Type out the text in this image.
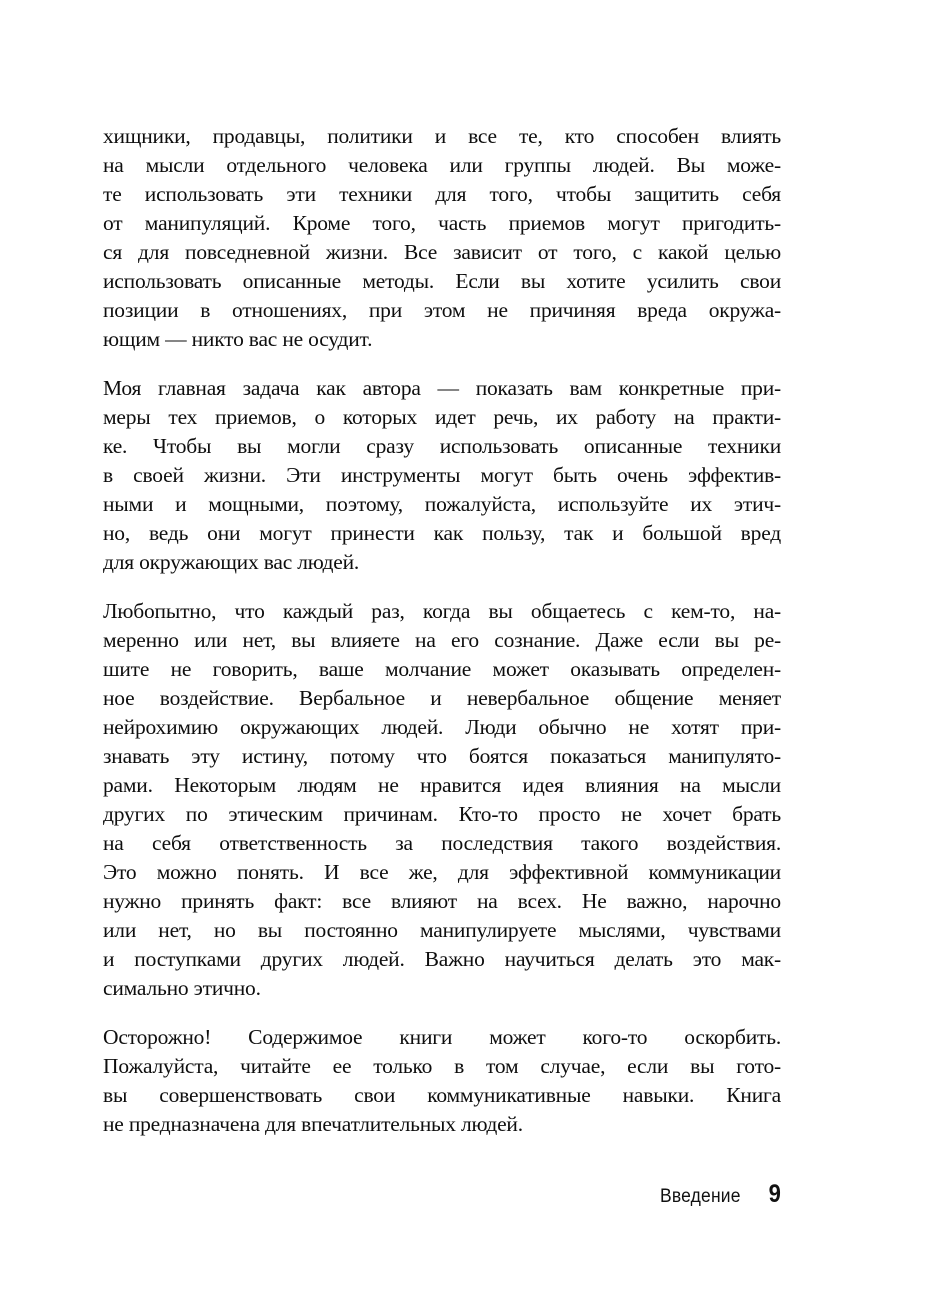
хищники, продавцы, политики и все те, кто способен влиять
на мысли отдельного человека или группы людей. Вы може-
те использовать эти техники для того, чтобы защитить себя
от манипуляций. Кроме того, часть приемов могут пригодить-
ся для повседневной жизни. Все зависит от того, с какой целью
использовать описанные методы. Если вы хотите усилить свои
позиции в отношениях, при этом не причиняя вреда окружа-
ющим — никто вас не осудит.
Моя главная задача как автора — показать вам конкретные при-
меры тех приемов, о которых идет речь, их работу на практи-
ке. Чтобы вы могли сразу использовать описанные техники
в своей жизни. Эти инструменты могут быть очень эффектив-
ными и мощными, поэтому, пожалуйста, используйте их этич-
но, ведь они могут принести как пользу, так и большой вред
для окружающих вас людей.
Любопытно, что каждый раз, когда вы общаетесь с кем-то, на-
меренно или нет, вы влияете на его сознание. Даже если вы ре-
шите не говорить, ваше молчание может оказывать определен-
ное воздействие. Вербальное и невербальное общение меняет
нейрохимию окружающих людей. Люди обычно не хотят при-
знавать эту истину, потому что боятся показаться манипулято-
рами. Некоторым людям не нравится идея влияния на мысли
других по этическим причинам. Кто-то просто не хочет брать
на себя ответственность за последствия такого воздействия.
Это можно понять. И все же, для эффективной коммуникации
нужно принять факт: все влияют на всех. Не важно, нарочно
или нет, но вы постоянно манипулируете мыслями, чувствами
и поступками других людей. Важно научиться делать это мак-
симально этично.
Осторожно! Содержимое книги может кого-то оскорбить.
Пожалуйста, читайте ее только в том случае, если вы гото-
вы совершенствовать свои коммуникативные навыки. Книга
не предназначена для впечатлительных людей.
Введение 9
